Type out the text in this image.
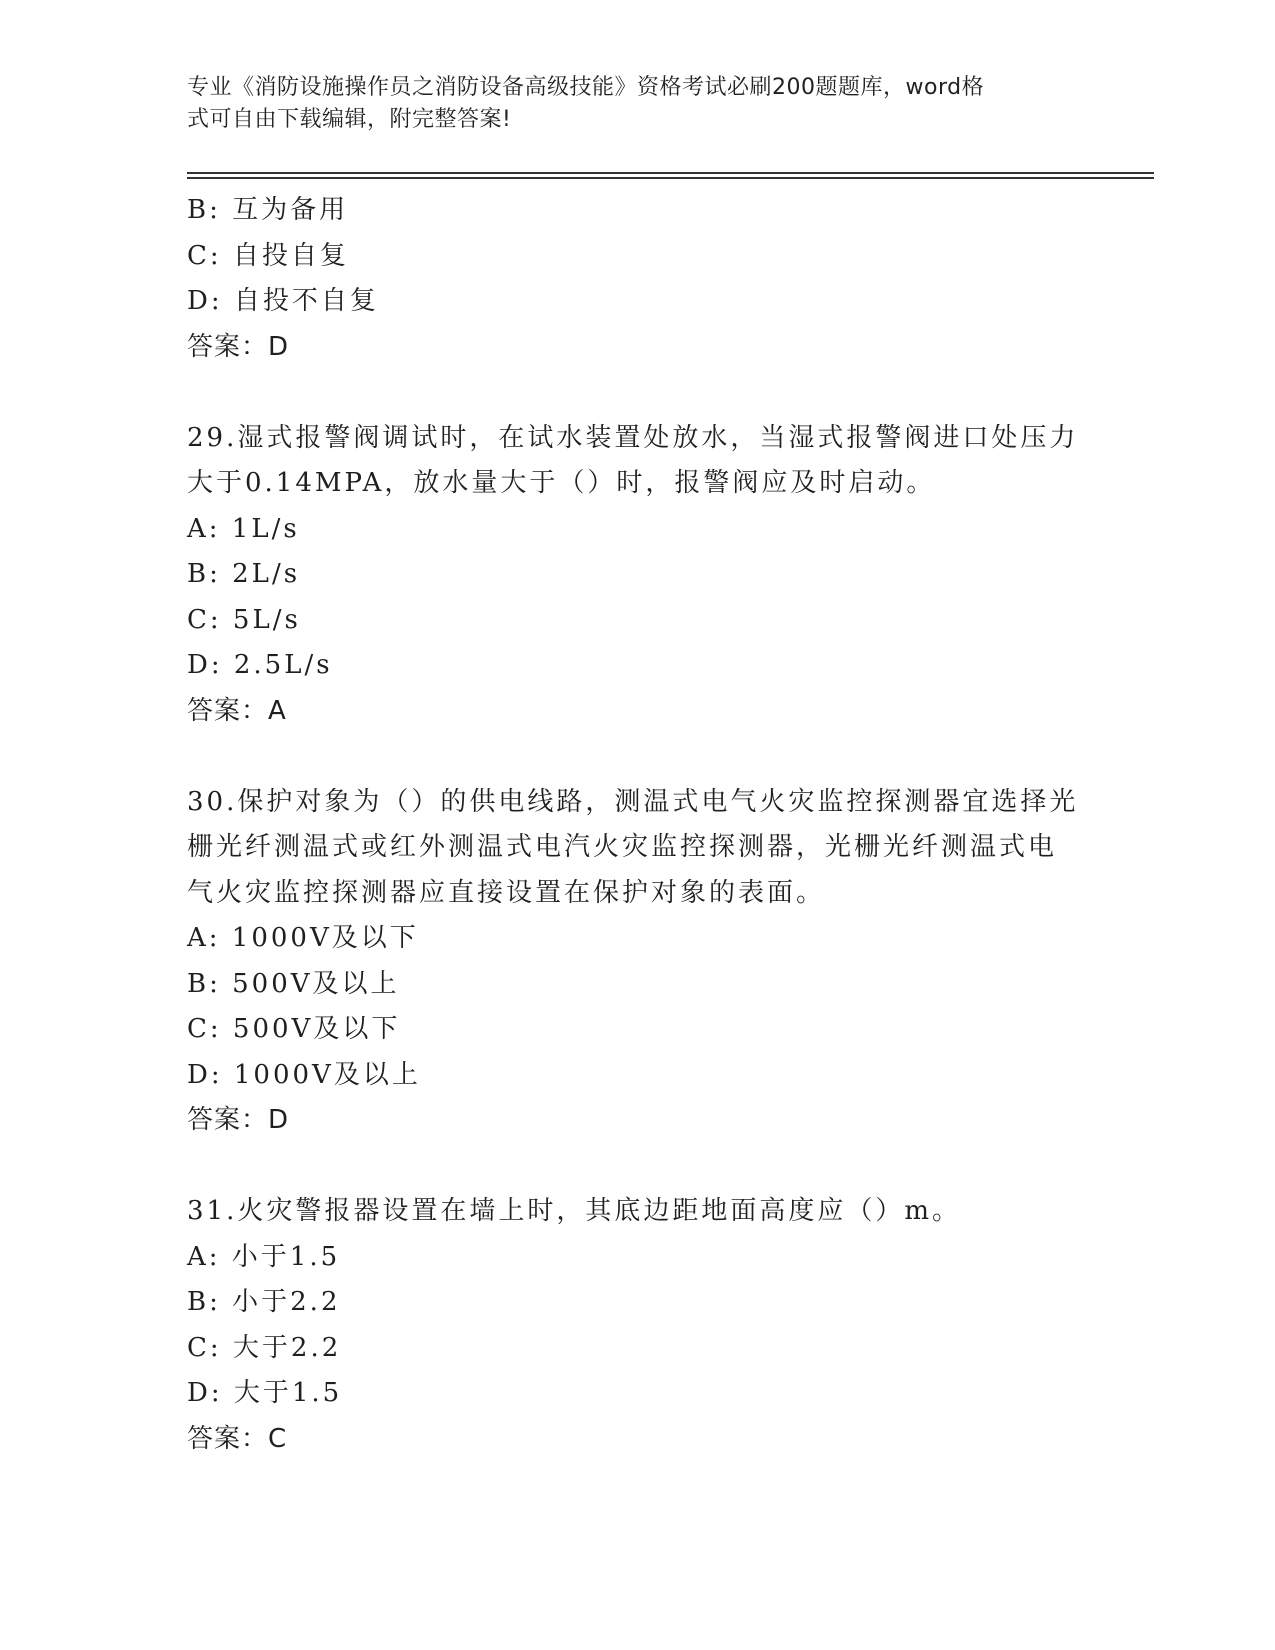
专业《消防设施操作员之消防设备高级技能》资格考试必刷200题题库，word格
式可自由下载编辑，附完整答案!
B: 互为备用
C: 自投自复
D: 自投不自复
答案：D
29.湿式报警阀调试时，在试水装置处放水，当湿式报警阀进口处压力
大于0.14MPA，放水量大于（）时，报警阀应及时启动。
A: 1L/s
B: 2L/s
C: 5L/s
D: 2.5L/s
答案：A
30.保护对象为（）的供电线路，测温式电气火灾监控探测器宜选择光
栅光纤测温式或红外测温式电汽火灾监控探测器，光栅光纤测温式电
气火灾监控探测器应直接设置在保护对象的表面。
A: 1000V及以下
B: 500V及以上
C: 500V及以下
D: 1000V及以上
答案：D
31.火灾警报器设置在墙上时，其底边距地面高度应（）m。
A: 小于1.5
B: 小于2.2
C: 大于2.2
D: 大于1.5
答案：C
